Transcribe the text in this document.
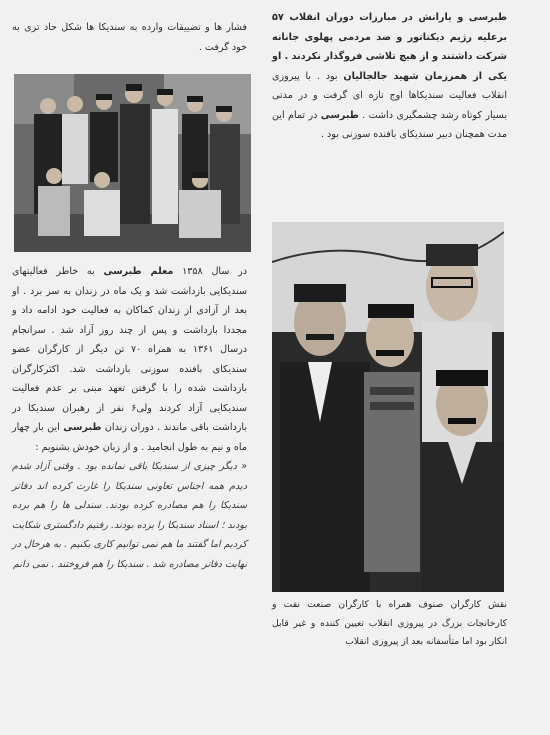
طبرسی و یارانش در مبارزات دوران انقلاب ۵۷ برعلیه رژیم دیکتاتور و ضد مردمی پهلوی جانانه شرکت داشتند و از هیچ تلاشی فروگذار نکردند . او یکی از همرزمان شهید جالجالیان بود . با پیروزی انقلاب فعالیت سندیکاها اوج تازه ای گرفت و در مدتی بسیار کوتاه رشد چشمگیری داشت . طبرسی در تمام این مدت همچنان دبیر سندیکای بافنده سوزنی بود .

فشار ها و تضییقات وارده به سندیکا ها شکل حاد تری به خود گرفت .

در سال ۱۳۵۸ معلم طبرسی به خاطر فعالیتهای سندیکایی بازداشت شد و یک ماه در زندان به سر برد . او بعد از آزادی از زندان کماکان به فعالیت خود ادامه داد و مجددا بازداشت و پس از چند روز آزاد شد . سرانجام درسال ۱۳۶۱ به همراه ۷۰ تن دیگر از کارگران عضو سندیکای بافنده سوزنی بازداشت شد. اکثرکارگران بازداشت شده را با گرفتن تعهد مبنی بر عدم فعالیت سندیکایی آزاد کردند ولی۶ نفر از رهبران سندیکا در بازداشت باقی ماندند . دوران زندان طبرسی این بار چهار ماه و نیم به طول انجامید . و از زبان خودش بشنویم :

« دیگر چیزی از سندیکا باقی نمانده بود . وقتی آزاد شدم دیدم همه اجناس تعاونی سندیکا را غارت کرده اند دفاتر سندیکا را هم مصادره کرده بودند. سندلی ها را هم برده بودند ؛ اسناد سندیکا را برده بودند. رفتیم دادگستری شکایت کردیم اما گفتند ما هم نمی توانیم کاری بکنیم . به هرحال در نهایت دفاتر مصادره شد . سندیکا را هم فروختند . نمی دانم

نقش کارگران صنوف همراه با کارگران صنعت نفت و کارخانجات بزرگ در پیروزی انقلاب تعیین کننده و غیر قابل انکار بود اما متأسفانه بعد از پیروزی انقلاب
